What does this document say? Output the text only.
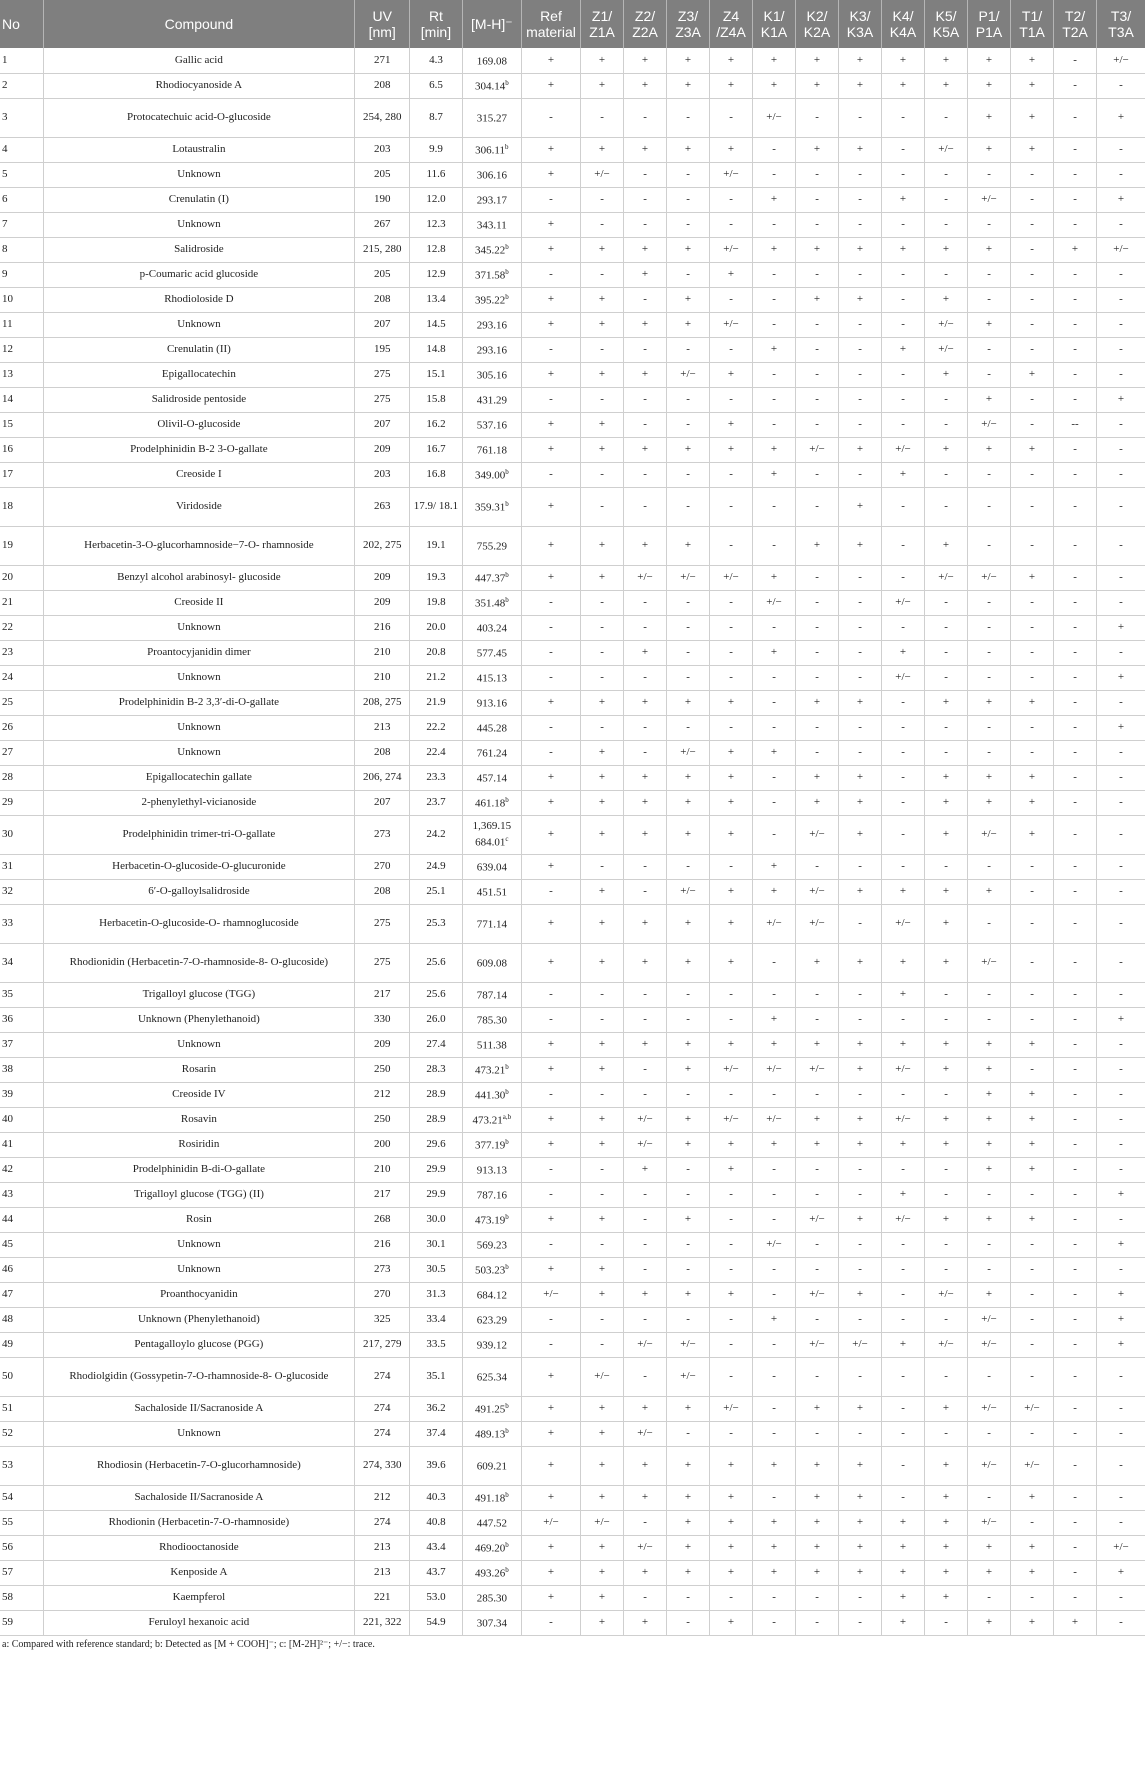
No	Compound	UV [nm]	Rt [min]	[M-H]⁻	Ref material	Z1/ Z1A	Z2/ Z2A	Z3/ Z3A	Z4 /Z4A	K1/ K1A	K2/ K2A	K3/ K3A	K4/ K4A	K5/ K5A	P1/ P1A	T1/ T1A	T2/ T2A	T3/ T3A
1	Gallic acid	271	4.3	169.08	+	+	+	+	+	+	+	+	+	+	+	+	-	+/−
2	Rhodiocyanoside A	208	6.5	304.14$^b$	+	+	+	+	+	+	+	+	+	+	+	+	-	-
3	Protocatechuic acid-O-glucoside	254, 280	8.7	315.27	-	-	-	-	-	+/−	-	-	-	-	+	+	-	+
4	Lotaustralin	203	9.9	306.11$^b$	+	+	+	+	+	-	+	+	-	+/−	+	+	-	-
5	Unknown	205	11.6	306.16	+	+/−	-	-	+/−	-	-	-	-	-	-	-	-	-
6	Crenulatin (I)	190	12.0	293.17	-	-	-	-	-	+	-	-	+	-	+/−	-	-	+
7	Unknown	267	12.3	343.11	+	-	-	-	-	-	-	-	-	-	-	-	-	-
8	Salidroside	215, 280	12.8	345.22$^b$	+	+	+	+	+/−	+	+	+	+	+	+	-	+	+/−
9	p-Coumaric acid glucoside	205	12.9	371.58$^b$	-	-	+	-	+	-	-	-	-	-	-	-	-	-
10	Rhodioloside D	208	13.4	395.22$^b$	+	+	-	+	-	-	+	+	-	+	-	-	-	-
11	Unknown	207	14.5	293.16	+	+	+	+	+/−	-	-	-	-	+/−	+	-	-	-
12	Crenulatin (II)	195	14.8	293.16	-	-	-	-	-	+	-	-	+	+/−	-	-	-	-
13	Epigallocatechin	275	15.1	305.16	+	+	+	+/−	+	-	-	-	-	+	-	+	-	-
14	Salidroside pentoside	275	15.8	431.29	-	-	-	-	-	-	-	-	-	-	+	-	-	+
15	Olivil-O-glucoside	207	16.2	537.16	+	+	-	-	+	-	-	-	-	-	+/−	-	--	-
16	Prodelphinidin B-2 3-O-gallate	209	16.7	761.18	+	+	+	+	+	+	+/−	+	+/−	+	+	+	-	-
17	Creoside I	203	16.8	349.00$^b$	-	-	-	-	-	+	-	-	+	-	-	-	-	-
18	Viridoside	263	17.9/ 18.1	359.31$^b$	+	-	-	-	-	-	-	+	-	-	-	-	-	-
19	Herbacetin-3-O-glucorhamnoside−7-O- rhamnoside	202, 275	19.1	755.29	+	+	+	+	-	-	+	+	-	+	-	-	-	-
20	Benzyl alcohol arabinosyl- glucoside	209	19.3	447.37$^b$	+	+	+/−	+/−	+/−	+	-	-	-	+/−	+/−	+	-	-
21	Creoside II	209	19.8	351.48$^b$	-	-	-	-	-	+/−	-	-	+/−	-	-	-	-	-
22	Unknown	216	20.0	403.24	-	-	-	-	-	-	-	-	-	-	-	-	-	+
23	Proantocyjanidin dimer	210	20.8	577.45	-	-	+	-	-	+	-	-	+	-	-	-	-	-
24	Unknown	210	21.2	415.13	-	-	-	-	-	-	-	-	+/−	-	-	-	-	+
25	Prodelphinidin B-2 3,3′-di-O-gallate	208, 275	21.9	913.16	+	+	+	+	+	-	+	+	-	+	+	+	-	-
26	Unknown	213	22.2	445.28	-	-	-	-	-	-	-	-	-	-	-	-	-	+
27	Unknown	208	22.4	761.24	-	+	-	+/−	+	+	-	-	-	-	-	-	-	-
28	Epigallocatechin gallate	206, 274	23.3	457.14	+	+	+	+	+	-	+	+	-	+	+	+	-	-
29	2-phenylethyl-vicianoside	207	23.7	461.18$^b$	+	+	+	+	+	-	+	+	-	+	+	+	-	-
30	Prodelphinidin trimer-tri-O-gallate	273	24.2	1,369.15 684.01$^c$	+	+	+	+	+	-	+/−	+	-	+	+/−	+	-	-
31	Herbacetin-O-glucoside-O-glucuronide	270	24.9	639.04	+	-	-	-	-	+	-	-	-	-	-	-	-	-
32	6′-O-galloylsalidroside	208	25.1	451.51	-	+	-	+/−	+	+	+/−	+	+	+	+	-	-	-
33	Herbacetin-O-glucoside-O- rhamnoglucoside	275	25.3	771.14	+	+	+	+	+	+/−	+/−	-	+/−	+	-	-	-	-
34	Rhodionidin (Herbacetin-7-O-rhamnoside-8- O-glucoside)	275	25.6	609.08	+	+	+	+	+	-	+	+	+	+	+/−	-	-	-
35	Trigalloyl glucose (TGG)	217	25.6	787.14	-	-	-	-	-	-	-	-	+	-	-	-	-	-
36	Unknown (Phenylethanoid)	330	26.0	785.30	-	-	-	-	-	+	-	-	-	-	-	-	-	+
37	Unknown	209	27.4	511.38	+	+	+	+	+	+	+	+	+	+	+	+	-	-
38	Rosarin	250	28.3	473.21$^b$	+	+	-	+	+/−	+/−	+/−	+	+/−	+	+	-	-	-
39	Creoside IV	212	28.9	441.30$^b$	-	-	-	-	-	-	-	-	-	-	+	+	-	-
40	Rosavin	250	28.9	$473.21^{a,b}$	+	+	+/−	+	+/−	+/−	+	+	+/−	+	+	+	-	-
41	Rosiridin	200	29.6	377.19$^b$	+	+	+/−	+	+	+	+	+	+	+	+	+	-	-
42	Prodelphinidin B-di-O-gallate	210	29.9	913.13	-	-	+	-	+	-	-	-	-	-	+	+	-	-
43	Trigalloyl glucose (TGG) (II)	217	29.9	787.16	-	-	-	-	-	-	-	-	+	-	-	-	-	+
44	Rosin	268	30.0	473.19$^b$	+	+	-	+	-	-	+/−	+	+/−	+	+	+	-	-
45	Unknown	216	30.1	569.23	-	-	-	-	-	+/−	-	-	-	-	-	-	-	+
46	Unknown	273	30.5	503.23$^b$	+	+	-	-	-	-	-	-	-	-	-	-	-	-
47	Proanthocyanidin	270	31.3	684.12	+/−	+	+	+	+	-	+/−	+	-	+/−	+	-	-	+
48	Unknown (Phenylethanoid)	325	33.4	623.29	-	-	-	-	-	+	-	-	-	-	+/−	-	-	+
49	Pentagalloylo glucose (PGG)	217, 279	33.5	939.12	-	-	+/−	+/−	-	-	+/−	+/−	+	+/−	+/−	-	-	+
50	Rhodiolgidin (Gossypetin-7-O-rhamnoside-8- O-glucoside	274	35.1	625.34	+	+/−	-	+/−	-	-	-	-	-	-	-	-	-	-
51	Sachaloside II/Sacranoside A	274	36.2	491.25$^b$	+	+	+	+	+/−	-	+	+	-	+	+/−	+/−	-	-
52	Unknown	274	37.4	489.13$^b$	+	+	+/−	-	-	-	-	-	-	-	-	-	-	-
53	Rhodiosin (Herbacetin-7-O-glucorhamnoside)	274, 330	39.6	609.21	+	+	+	+	+	+	+	+	-	+	+/−	+/−	-	-
54	Sachaloside II/Sacranoside A	212	40.3	491.18$^b$	+	+	+	+	+	-	+	+	-	+	-	+	-	-
55	Rhodionin (Herbacetin-7-O-rhamnoside)	274	40.8	447.52	+/−	+/−	-	+	+	+	+	+	+	+	+/−	-	-	-
56	Rhodiooctanoside	213	43.4	469.20$^b$	+	+	+/−	+	+	+	+	+	+	+	+	+	-	+/−
57	Kenposide A	213	43.7	493.26$^b$	+	+	+	+	+	+	+	+	+	+	+	+	-	+
58	Kaempferol	221	53.0	285.30	+	+	-	-	-	-	-	-	+	+	-	-	-	-
59	Feruloyl hexanoic acid	221, 322	54.9	307.34	-	+	+	-	+	-	-	-	+	-	+	+	+	-
a: Compared with reference standard; b: Detected as [M + COOH]⁻; c: [M-2H]²⁻; +/−: trace.
